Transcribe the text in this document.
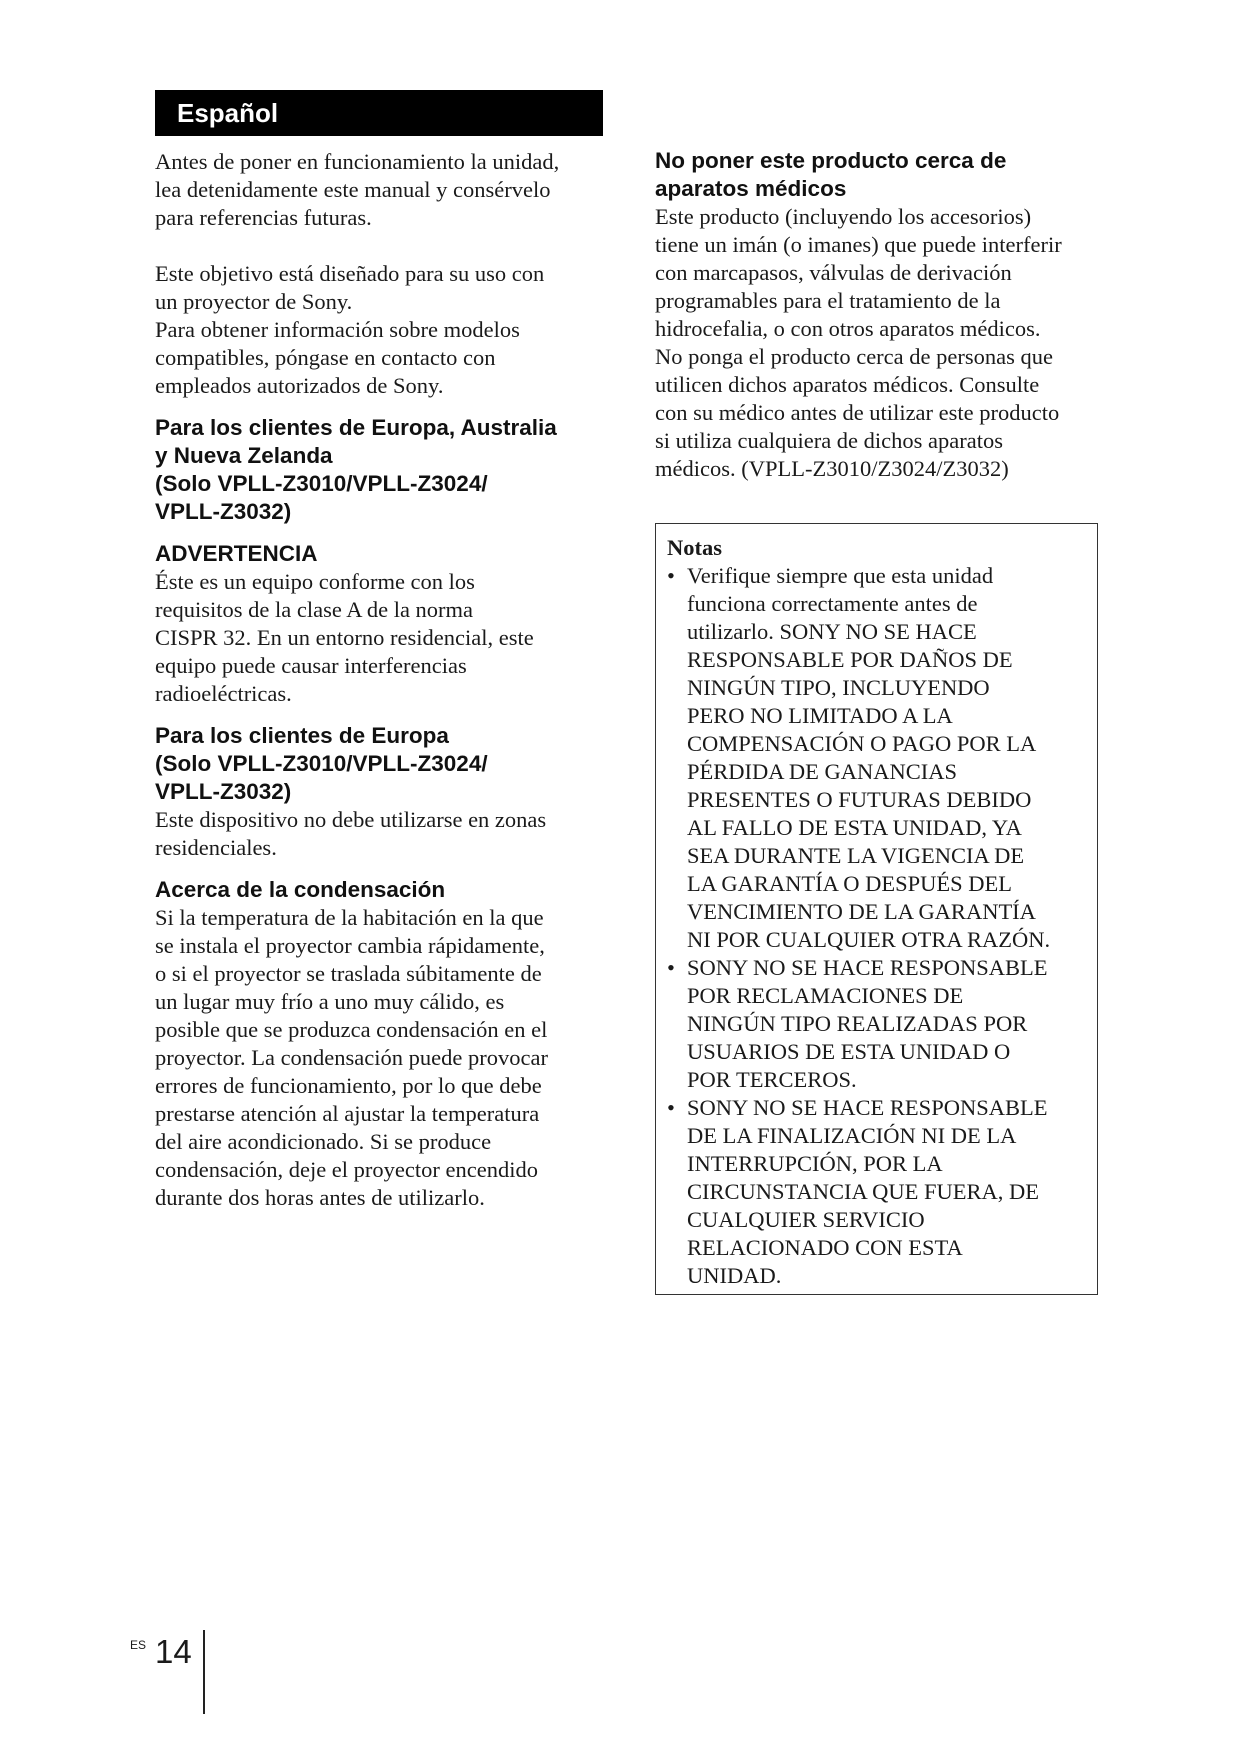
Español
Antes de poner en funcionamiento la unidad,
lea detenidamente este manual y consérvelo
para referencias futuras.
Este objetivo está diseñado para su uso con
un proyector de Sony.
Para obtener información sobre modelos
compatibles, póngase en contacto con
empleados autorizados de Sony.
Para los clientes de Europa, Australia
y Nueva Zelanda
(Solo VPLL-Z3010/VPLL-Z3024/
VPLL-Z3032)
ADVERTENCIA
Éste es un equipo conforme con los
requisitos de la clase A de la norma
CISPR 32. En un entorno residencial, este
equipo puede causar interferencias
radioeléctricas.
Para los clientes de Europa
(Solo VPLL-Z3010/VPLL-Z3024/
VPLL-Z3032)
Este dispositivo no debe utilizarse en zonas
residenciales.
Acerca de la condensación
Si la temperatura de la habitación en la que
se instala el proyector cambia rápidamente,
o si el proyector se traslada súbitamente de
un lugar muy frío a uno muy cálido, es
posible que se produzca condensación en el
proyector. La condensación puede provocar
errores de funcionamiento, por lo que debe
prestarse atención al ajustar la temperatura
del aire acondicionado. Si se produce
condensación, deje el proyector encendido
durante dos horas antes de utilizarlo.
No poner este producto cerca de
aparatos médicos
Este producto (incluyendo los accesorios)
tiene un imán (o imanes) que puede interferir
con marcapasos, válvulas de derivación
programables para el tratamiento de la
hidrocefalia, o con otros aparatos médicos.
No ponga el producto cerca de personas que
utilicen dichos aparatos médicos. Consulte
con su médico antes de utilizar este producto
si utiliza cualquiera de dichos aparatos
médicos. (VPLL-Z3010/Z3024/Z3032)
Notas
• Verifique siempre que esta unidad
funciona correctamente antes de
utilizarlo. SONY NO SE HACE
RESPONSABLE POR DAÑOS DE
NINGÚN TIPO, INCLUYENDO
PERO NO LIMITADO A LA
COMPENSACIÓN O PAGO POR LA
PÉRDIDA DE GANANCIAS
PRESENTES O FUTURAS DEBIDO
AL FALLO DE ESTA UNIDAD, YA
SEA DURANTE LA VIGENCIA DE
LA GARANTÍA O DESPUÉS DEL
VENCIMIENTO DE LA GARANTÍA
NI POR CUALQUIER OTRA RAZÓN.
• SONY NO SE HACE RESPONSABLE
POR RECLAMACIONES DE
NINGÚN TIPO REALIZADAS POR
USUARIOS DE ESTA UNIDAD O
POR TERCEROS.
• SONY NO SE HACE RESPONSABLE
DE LA FINALIZACIÓN NI DE LA
INTERRUPCIÓN, POR LA
CIRCUNSTANCIA QUE FUERA, DE
CUALQUIER SERVICIO
RELACIONADO CON ESTA
UNIDAD.
ES 14
